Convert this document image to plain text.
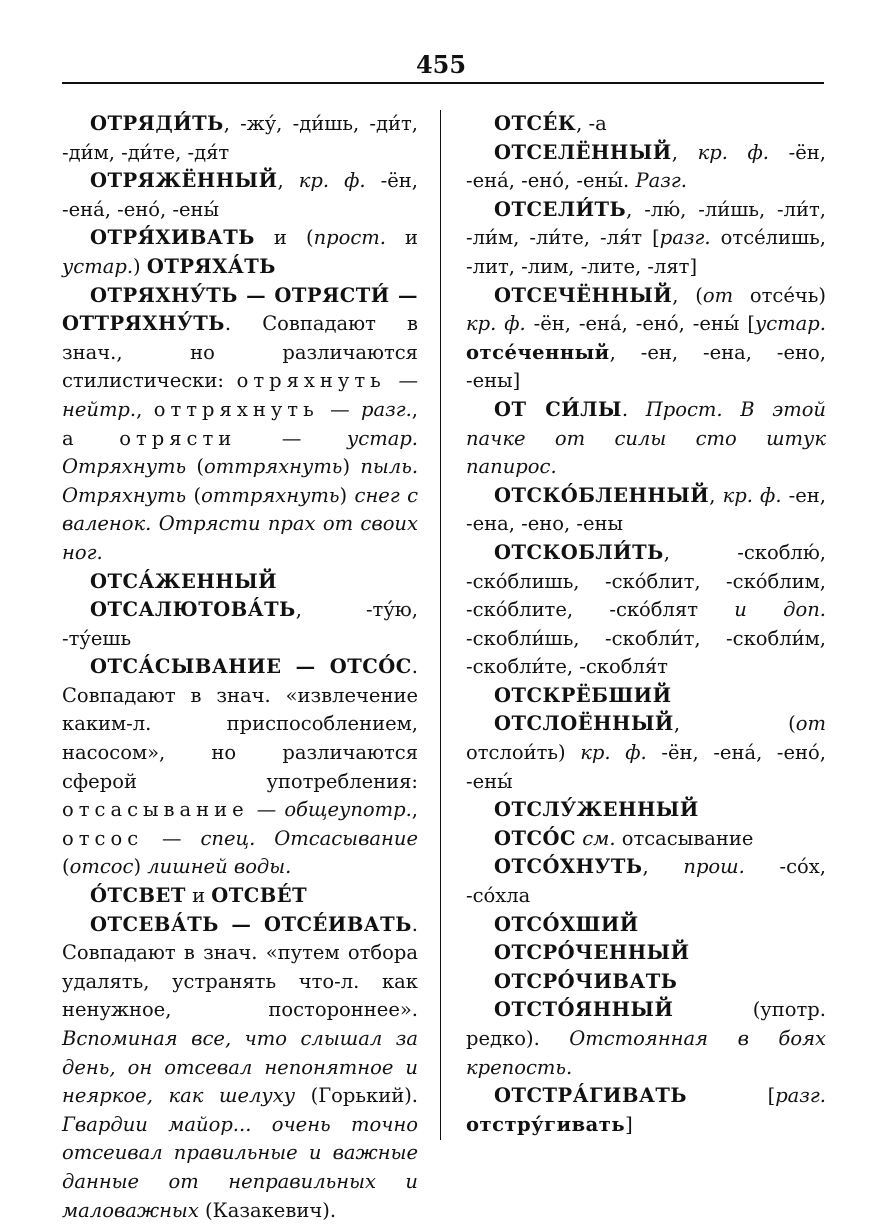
455

ОТРЯДИ́ТЬ, -жу́, -ди́шь, -ди́т, -ди́м, -ди́те, -дя́т

ОТРЯЖЁННЫЙ, кр. ф. -ён, -ена́, -ено́, -ены́

ОТРЯ́ХИВАТЬ и (прост. и устар.) ОТРЯХА́ТЬ

ОТРЯХНУ́ТЬ — ОТРЯСТИ́ — ОТТРЯХНУ́ТЬ. Совпадают в знач., но различаются стилистически: отряхнуть — нейтр., оттряхнуть — разг., а отрясти — устар. Отряхнуть (оттряхнуть) пыль. Отряхнуть (оттряхнуть) снег с валенок. Отрясти прах от своих ног.

ОТСА́ЖЕННЫЙ

ОТСАЛЮТОВА́ТЬ, -ту́ю, -ту́ешь

ОТСА́СЫВАНИЕ — ОТСО́С. Совпадают в знач. «извлечение каким-л. приспособлением, насосом», но различаются сферой употребления: отсасывание — общеупотр., отсос — спец. Отсасывание (отсос) лишней воды.

О́ТСВЕТ и ОТСВЕ́Т

ОТСЕВА́ТЬ — ОТСЕ́ИВАТЬ. Совпадают в знач. «путем отбора удалять, устранять что-л. как ненужное, постороннее». Вспоминая все, что слышал за день, он отсевал непонятное и неяркое, как шелуху (Горький). Гвардии майор... очень точно отсеивал правильные и важные данные от неправильных и маловажных (Казакевич).

ОТСЕ́К, -а

ОТСЕЛЁННЫЙ, кр. ф. -ён, -ена́, -ено́, -ены́. Разг.

ОТСЕЛИ́ТЬ, -лю́, -ли́шь, -ли́т, -ли́м, -ли́те, -ля́т [разг. отсе́лишь, -лит, -лим, -лите, -лят]

ОТСЕЧЁННЫЙ, (от отсе́чь) кр. ф. -ён, -ена́, -ено́, -ены́ [устар. отсе́ченный, -ен, -ена, -ено, -ены]

ОТ СИ́ЛЫ. Прост. В этой пачке от силы сто штук папирос.

ОТСКО́БЛЕННЫЙ, кр. ф. -ен, -ена, -ено, -ены

ОТСКОБЛИ́ТЬ, -скоблю́, -ско́блишь, -ско́блит, -ско́блим, -ско́блите, -ско́блят и доп. -скобли́шь, -скобли́т, -скобли́м, -скобли́те, -скобля́т

ОТСКРЁБШИЙ

ОТСЛОЁННЫЙ, (от отслои́ть) кр. ф. -ён, -ена́, -ено́, -ены́

ОТСЛУ́ЖЕННЫЙ

ОТСО́С см. отсасывание

ОТСО́ХНУТЬ, прош. -со́х, -со́хла

ОТСО́ХШИЙ

ОТСРО́ЧЕННЫЙ

ОТСРО́ЧИВАТЬ

ОТСТО́ЯННЫЙ (употр. редко). Отстоянная в боях крепость.

ОТСТРА́ГИВАТЬ [разг. отстру́гивать]
